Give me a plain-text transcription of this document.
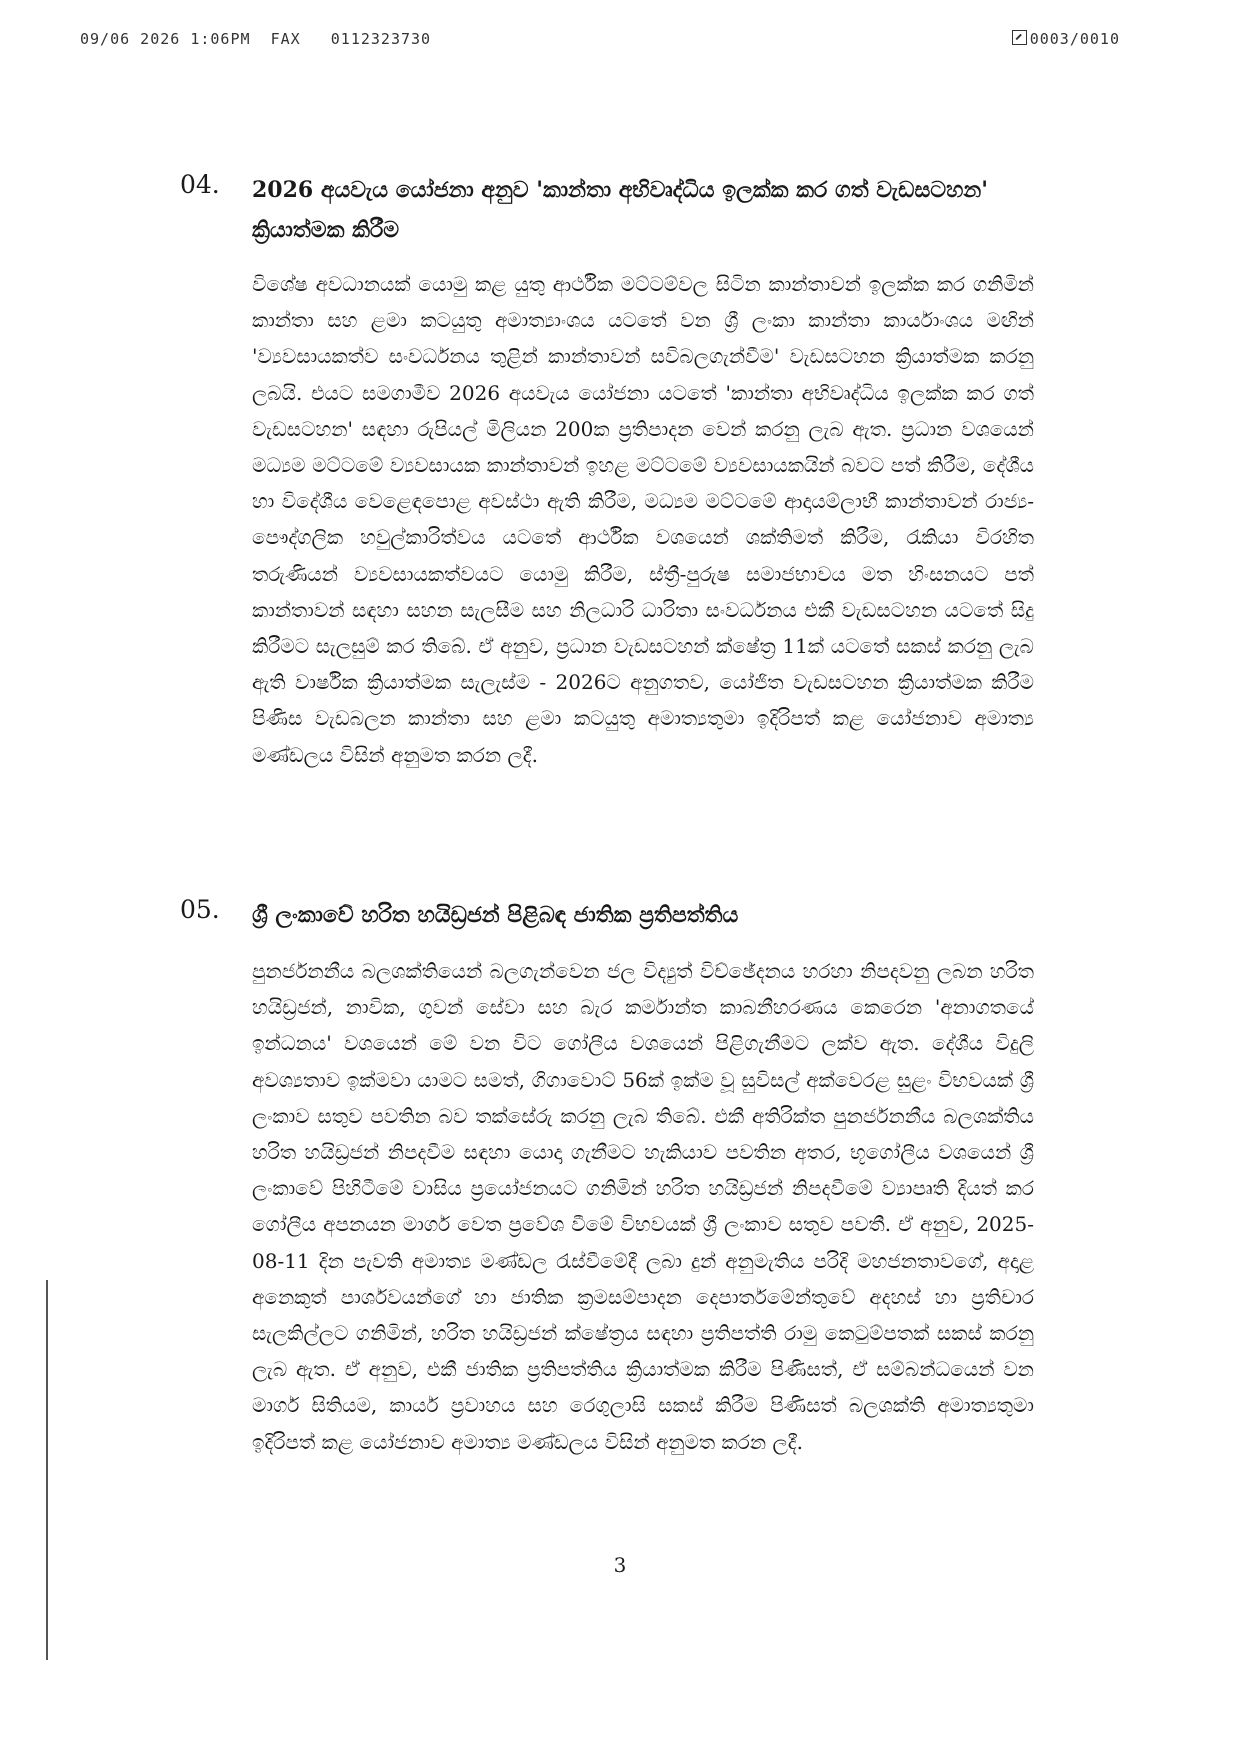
09/06 2026 1:06PM  FAX   0112323730	0003/0010
04. 2026 අයවැය යෝජනා අනුව 'කාන්තා අභිවෘද්ධිය ඉලක්ක කර ගත් වැඩසටහන' ක්‍රියාත්මක කිරීම
විශේෂ අවධානයක් යොමු කළ යුතු ආර්ථික මට්ටම්වල සිටින කාන්තාවන් ඉලක්ක කර ගනිමින් කාන්තා සහ ළමා කටයුතු අමාත්‍යාංශය යටතේ වන ශ්‍රී ලංකා කාන්තා කාර්යාංශය මඟින් 'ව්‍යවසායකත්ව සංවර්ධනය තුළින් කාන්තාවන් සවිබලගැන්වීම' වැඩසටහන ක්‍රියාත්මක කරනු ලබයි. එයට සමගාමීව 2026 අයවැය යෝජනා යටතේ 'කාන්තා අභිවෘද්ධිය ඉලක්ක කර ගත් වැඩසටහන' සඳහා රුපියල් මිලියන 200ක ප්‍රතිපාදන වෙන් කරනු ලැබ ඇත. ප්‍රධාන වශයෙන් මධ්‍යම මට්ටමේ ව්‍යවසායක කාන්තාවන් ඉහළ මට්ටමේ ව්‍යවසායකයින් බවට පත් කිරීම, දේශීය හා විදේශීය වෙළෙඳපොළ අවස්ථා ඇති කිරීම, මධ්‍යම මට්ටමේ ආදායම්ලාභී කාන්තාවන් රාජ්‍ය-පෞද්ගලික හවුල්කාරිත්වය යටතේ ආර්ථික වශයෙන් ශක්තිමත් කිරීම, රැකියා විරහිත තරුණියන් ව්‍යවසායකත්වයට යොමු කිරීම, ස්ත්‍රී-පුරුෂ සමාජභාවය මත හිංසනයට පත් කාන්තාවන් සඳහා සහන සැලසීම සහ නිලධාරි ධාරිතා සංවර්ධනය එකී වැඩසටහන යටතේ සිදු කිරීමට සැලසුම් කර තිබේ. ඒ අනුව, ප්‍රධාන වැඩසටහන් ක්ෂේත්‍ර 11ක් යටතේ සකස් කරනු ලැබ ඇති වාර්ෂික ක්‍රියාත්මක සැලැස්ම - 2026ට අනුගතව, යෝජිත වැඩසටහන ක්‍රියාත්මක කිරීම පිණිස වැඩබලන කාන්තා සහ ළමා කටයුතු අමාත්‍යතුමා ඉදිරිපත් කළ යෝජනාව අමාත්‍ය මණ්ඩලය විසින් අනුමත කරන ලදී.
05. ශ්‍රී ලංකාවේ හරිත හයිඩ්‍රජන් පිළිබඳ ජාතික ප්‍රතිපත්තිය
පුනර්ජනනීය බලශක්තියෙන් බලගැන්වෙන ජල විද්‍යුත් විච්ඡේදනය හරහා නිපදවනු ලබන හරිත හයිඩ්‍රජන්, නාවික, ගුවන් සේවා සහ බැර කර්මාන්ත කාබනීහරණය කෙරෙන 'අනාගතයේ ඉන්ධනය' වශයෙන් මේ වන විට ගෝලීය වශයෙන් පිළිගැනීමට ලක්ව ඇත. දේශීය විදුලි අවශ්‍යතාව ඉක්මවා යාමට සමත්, ගිගාවොට් 56ක් ඉක්ම වූ සුවිසල් අක්වෙරළ සුළං විභවයක් ශ්‍රී ලංකාව සතුව පවතින බව තක්සේරු කරනු ලැබ තිබේ. එකී අතිරික්ත පුනර්ජනනීය බලශක්තිය හරිත හයිඩ්‍රජන් නිපදවීම සඳහා යොදා ගැනීමට හැකියාව පවතින අතර, භූගෝලීය වශයෙන් ශ්‍රී ලංකාවේ පිහිටීමේ වාසිය ප්‍රයෝජනයට ගනිමින් හරිත හයිඩ්‍රජන් නිපදවීමේ ව්‍යාපෘති දියත් කර ගෝලීය අපනයන මාර්ග වෙත ප්‍රවේශ වීමේ විභවයක් ශ්‍රී ලංකාව සතුව පවතී. ඒ අනුව, 2025-08-11 දින පැවති අමාත්‍ය මණ්ඩල රැස්වීමේදී ලබා දුන් අනුමැතිය පරිදි මහජනතාවගේ, අදාළ අනෙකුත් පාර්ශවයන්ගේ හා ජාතික ක්‍රමසම්පාදන දෙපාර්තමේන්තුවේ අදහස් හා ප්‍රතිචාර සැලකිල්ලට ගනිමින්, හරිත හයිඩ්‍රජන් ක්ෂේත්‍රය සඳහා ප්‍රතිපත්ති රාමු කෙටුම්පතක් සකස් කරනු ලැබ ඇත. ඒ අනුව, එකී ජාතික ප්‍රතිපත්තිය ක්‍රියාත්මක කිරීම පිණිසත්, ඒ සම්බන්ධයෙන් වන මාර්ග සිතියම, කාර්ය ප්‍රවාහය සහ රෙගුලාසි සකස් කිරීම පිණිසත් බලශක්ති අමාත්‍යතුමා ඉදිරිපත් කළ යෝජනාව අමාත්‍ය මණ්ඩලය විසින් අනුමත කරන ලදී.
3
